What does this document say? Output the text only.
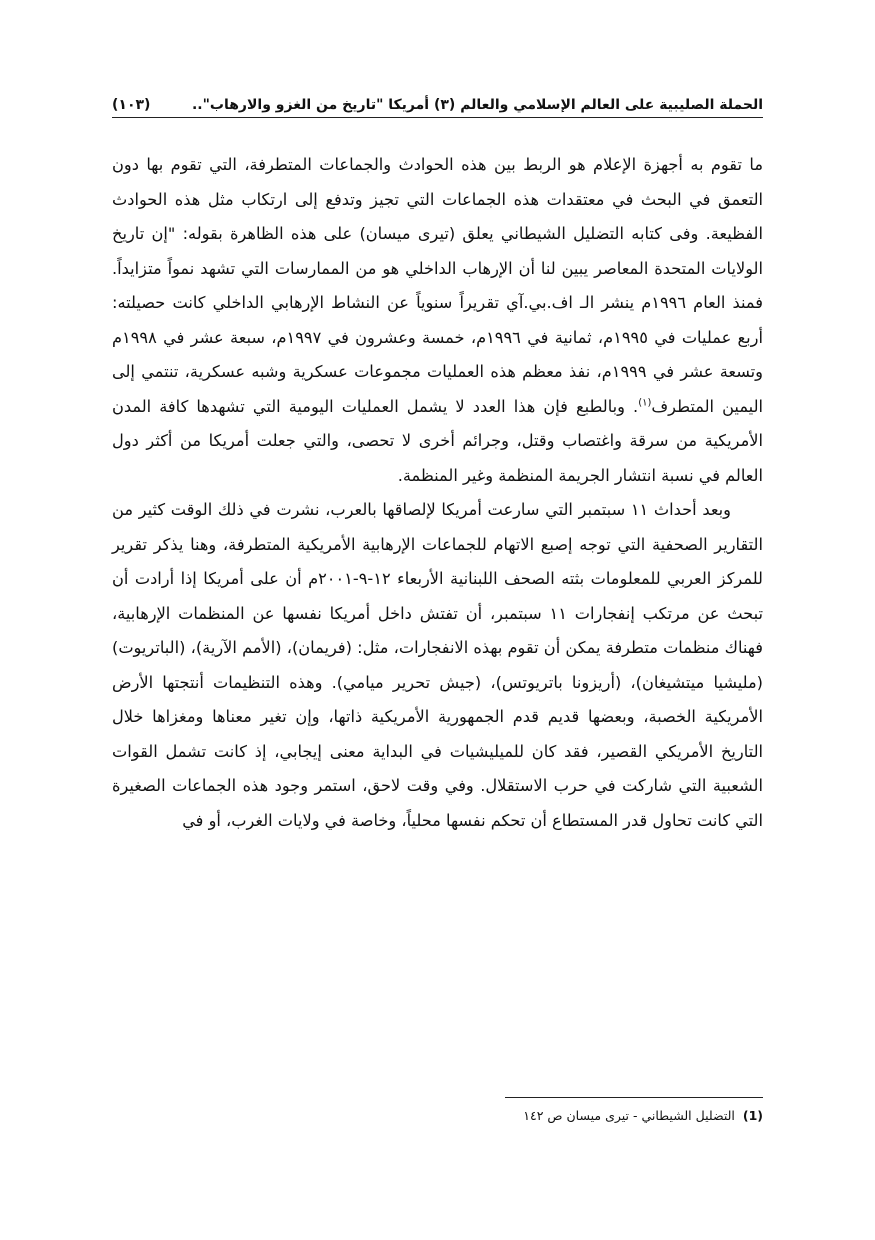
الحملة الصليبية على العالم الإسلامي والعالم (٣) أمريكا "تاريخ من الغزو والارهاب"..
(١٠٣)

ما تقوم به أجهزة الإعلام هو الربط بين هذه الحوادث والجماعات المتطرفة، التي تقوم بها دون التعمق في البحث في معتقدات هذه الجماعات التي تجيز وتدفع إلى ارتكاب مثل هذه الحوادث الفظيعة. وفى كتابه التضليل الشيطاني يعلق (تيرى ميسان) على هذه الظاهرة بقوله: "إن تاريخ الولايات المتحدة المعاصر يبين لنا أن الإرهاب الداخلي هو من الممارسات التي تشهد نمواً متزايداً. فمنذ العام ١٩٩٦م ينشر الـ اف.بي.آي تقريراً سنوياً عن النشاط الإرهابي الداخلي كانت حصيلته: أربع عمليات في ١٩٩٥م، ثمانية في ١٩٩٦م، خمسة وعشرون في ١٩٩٧م، سبعة عشر في ١٩٩٨م وتسعة عشر في ١٩٩٩م، نفذ معظم هذه العمليات مجموعات عسكرية وشبه عسكرية، تنتمي إلى اليمين المتطرف$^{(١)}$. وبالطبع فإن هذا العدد لا يشمل العمليات اليومية التي تشهدها كافة المدن الأمريكية من سرقة واغتصاب وقتل، وجرائم أخرى لا تحصى، والتي جعلت أمريكا من أكثر دول العالم في نسبة انتشار الجريمة المنظمة وغير المنظمة.

وبعد أحداث ١١ سبتمبر التي سارعت أمريكا لإلصاقها بالعرب، نشرت في ذلك الوقت كثير من التقارير الصحفية التي توجه إصبع الاتهام للجماعات الإرهابية الأمريكية المتطرفة، وهنا يذكر تقرير للمركز العربي للمعلومات بثته الصحف اللبنانية الأربعاء ١٢-٩-٢٠٠١م أن على أمريكا إذا أرادت أن تبحث عن مرتكب إنفجارات ١١ سبتمبر، أن تفتش داخل أمريكا نفسها عن المنظمات الإرهابية، فهناك منظمات متطرفة يمكن أن تقوم بهذه الانفجارات، مثل: (فريمان)، (الأمم الآرية)، (الباتريوت) (مليشيا ميتشيغان)، (أريزونا باتريوتس)، (جيش تحرير ميامي). وهذه التنظيمات أنتجتها الأرض الأمريكية الخصبة، وبعضها قديم قدم الجمهورية الأمريكية ذاتها، وإن تغير معناها ومغزاها خلال التاريخ الأمريكي القصير، فقد كان للميليشيات في البداية معنى إيجابي، إذ كانت تشمل القوات الشعبية التي شاركت في حرب الاستقلال. وفي وقت لاحق، استمر وجود هذه الجماعات الصغيرة التي كانت تحاول قدر المستطاع أن تحكم نفسها محلياً، وخاصة في ولايات الغرب، أو في

(1) التضليل الشيطاني - تيرى ميسان ص ١٤٢
